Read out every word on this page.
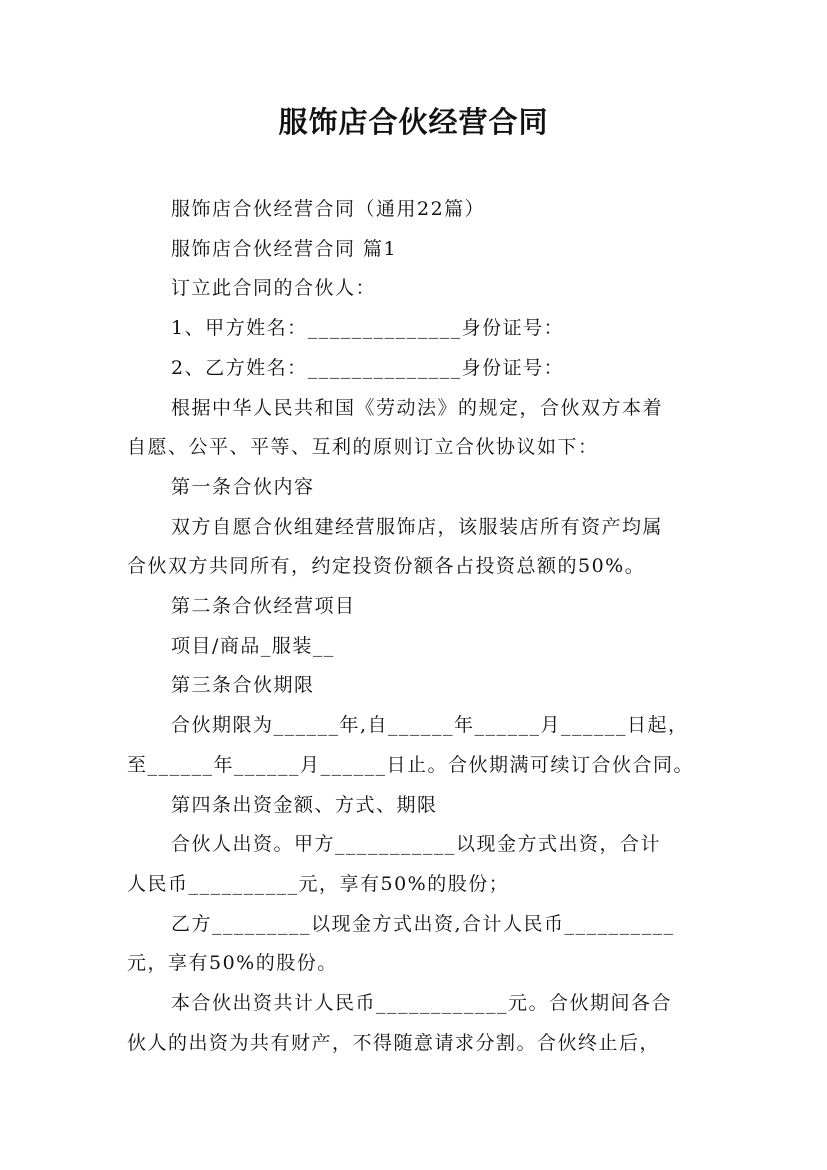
服饰店合伙经营合同

服饰店合伙经营合同（通用22篇）

服饰店合伙经营合同 篇1

订立此合同的合伙人：

1、甲方姓名：______________身份证号：

2、乙方姓名：______________身份证号：

根据中华人民共和国《劳动法》的规定，合伙双方本着

自愿、公平、平等、互利的原则订立合伙协议如下：

第一条合伙内容

双方自愿合伙组建经营服饰店，该服装店所有资产均属

合伙双方共同所有，约定投资份额各占投资总额的50%。

第二条合伙经营项目

项目/商品_服装__

第三条合伙期限

合伙期限为______年,自______年______月______日起，

至______年______月______日止。合伙期满可续订合伙合同。

第四条出资金额、方式、期限

合伙人出资。甲方___________以现金方式出资，合计

人民币__________元，享有50%的股份；

乙方_________以现金方式出资,合计人民币__________

元，享有50%的股份。

本合伙出资共计人民币____________元。合伙期间各合

伙人的出资为共有财产，不得随意请求分割。合伙终止后，
